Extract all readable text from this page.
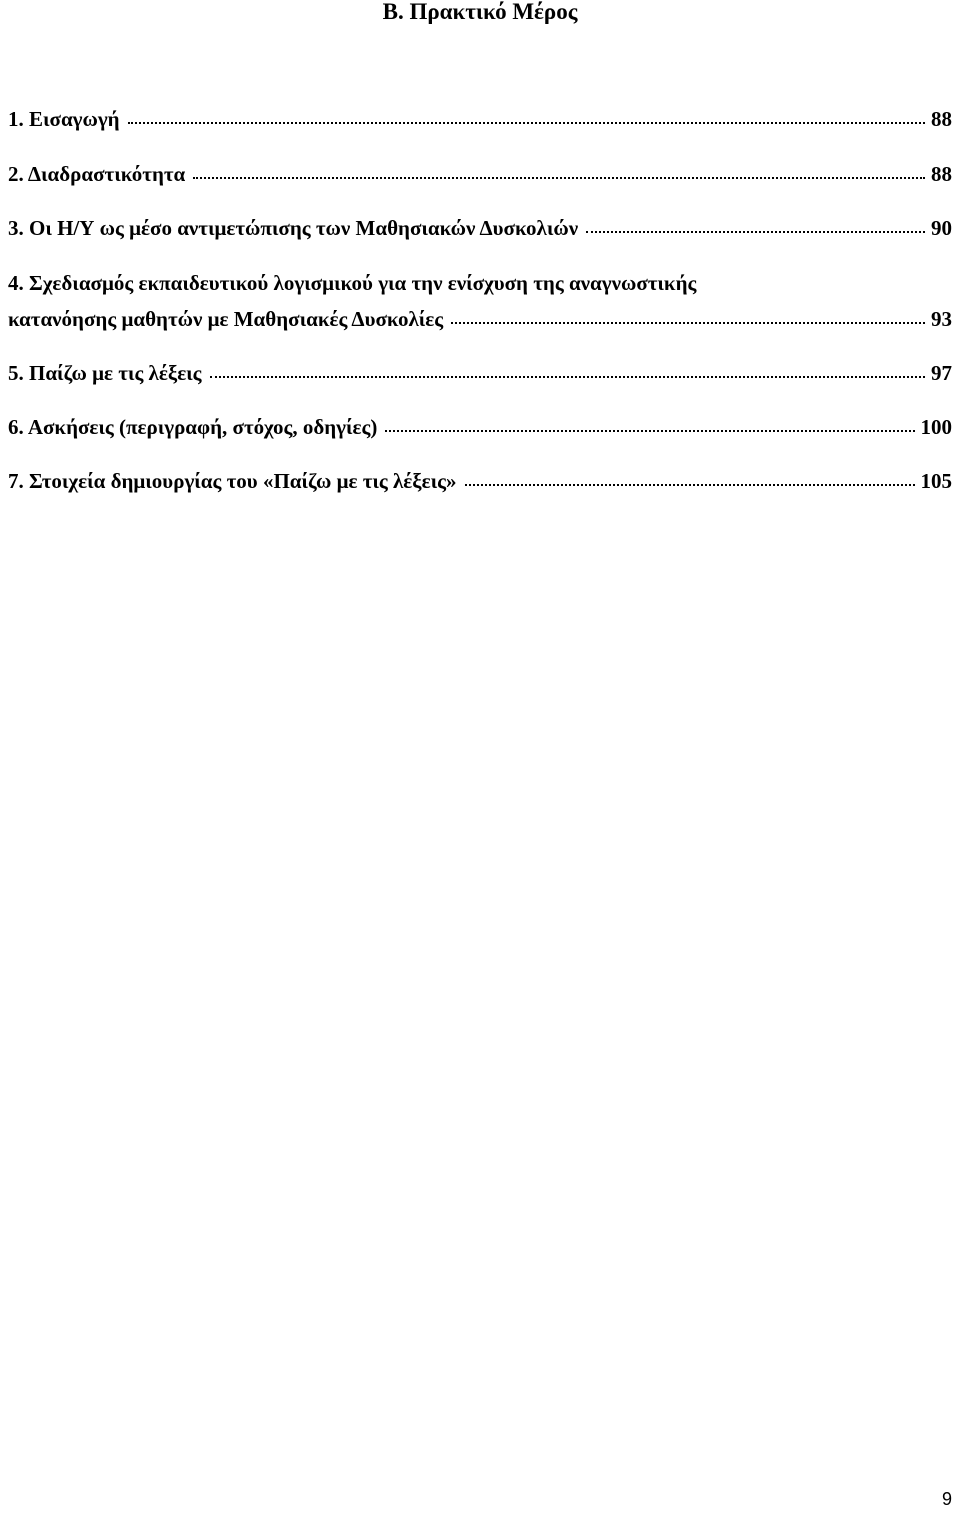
Β. Πρακτικό Μέρος
1. Εισαγωγή	88
2. Διαδραστικότητα	88
3. Οι Η/Υ ως μέσο αντιμετώπισης των Μαθησιακών Δυσκολιών	90
4. Σχεδιασμός εκπαιδευτικού λογισμικού για την ενίσχυση της αναγνωστικής
κατανόησης μαθητών με Μαθησιακές Δυσκολίες	93
5. Παίζω με τις λέξεις	97
6. Ασκήσεις (περιγραφή, στόχος, οδηγίες)	100
7. Στοιχεία δημιουργίας του «Παίζω με τις λέξεις»	105
9
